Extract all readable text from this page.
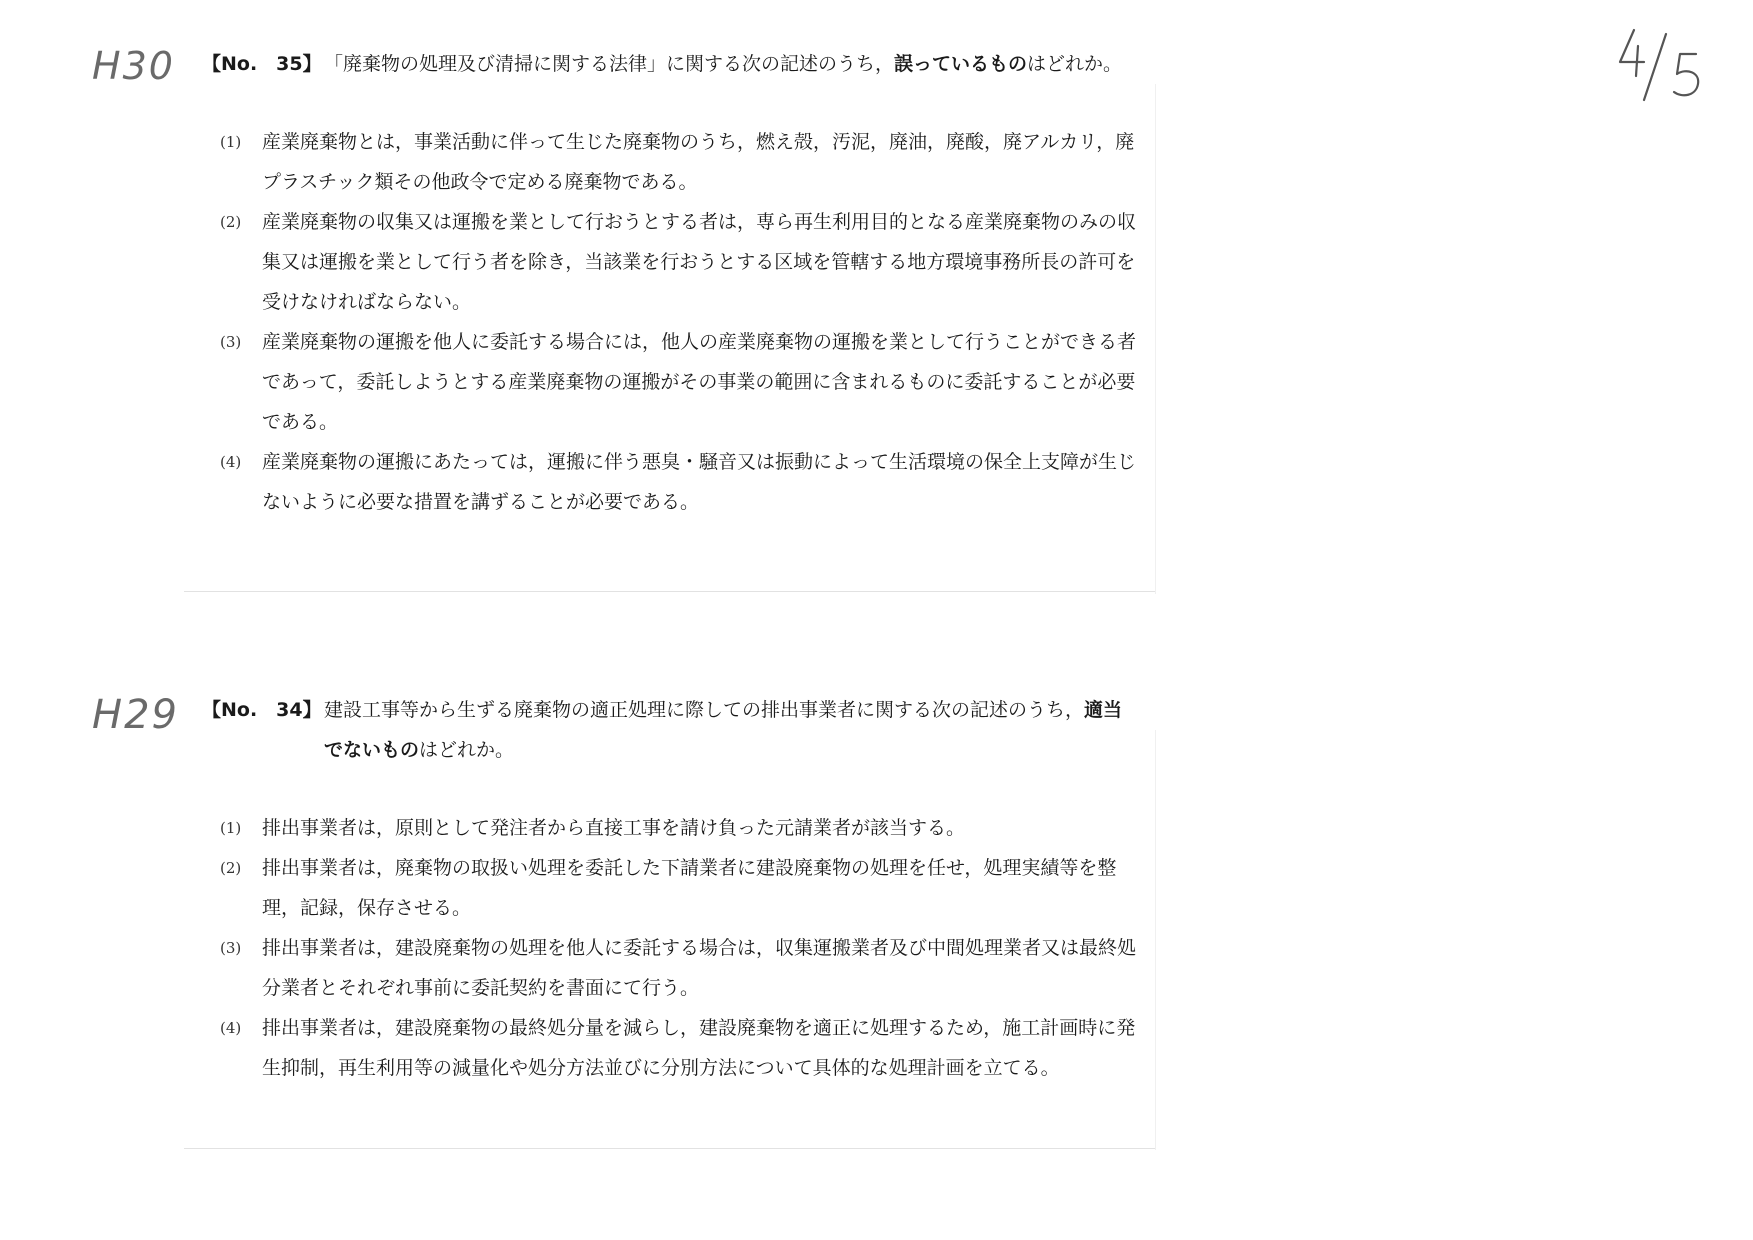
H30 【No.　35】 「廃棄物の処理及び清掃に関する法律」に関する次の記述のうち，誤っているものはどれか。
(1) 産業廃棄物とは，事業活動に伴って生じた廃棄物のうち，燃え殻，汚泥，廃油，廃酸，廃アルカリ，廃プラスチック類その他政令で定める廃棄物である。
(2) 産業廃棄物の収集又は運搬を業として行おうとする者は，専ら再生利用目的となる産業廃棄物のみの収集又は運搬を業として行う者を除き，当該業を行おうとする区域を管轄する地方環境事務所長の許可を受けなければならない。
(3) 産業廃棄物の運搬を他人に委託する場合には，他人の産業廃棄物の運搬を業として行うことができる者であって，委託しようとする産業廃棄物の運搬がその事業の範囲に含まれるものに委託することが必要である。
(4) 産業廃棄物の運搬にあたっては，運搬に伴う悪臭・騒音又は振動によって生活環境の保全上支障が生じないように必要な措置を講ずることが必要である。
H29 【No.　34】 建設工事等から生ずる廃棄物の適正処理に際しての排出事業者に関する次の記述のうち，適当でないものはどれか。
(1) 排出事業者は，原則として発注者から直接工事を請け負った元請業者が該当する。
(2) 排出事業者は，廃棄物の取扱い処理を委託した下請業者に建設廃棄物の処理を任せ，処理実績等を整理，記録，保存させる。
(3) 排出事業者は，建設廃棄物の処理を他人に委託する場合は，収集運搬業者及び中間処理業者又は最終処分業者とそれぞれ事前に委託契約を書面にて行う。
(4) 排出事業者は，建設廃棄物の最終処分量を減らし，建設廃棄物を適正に処理するため，施工計画時に発生抑制，再生利用等の減量化や処分方法並びに分別方法について具体的な処理計画を立てる。
